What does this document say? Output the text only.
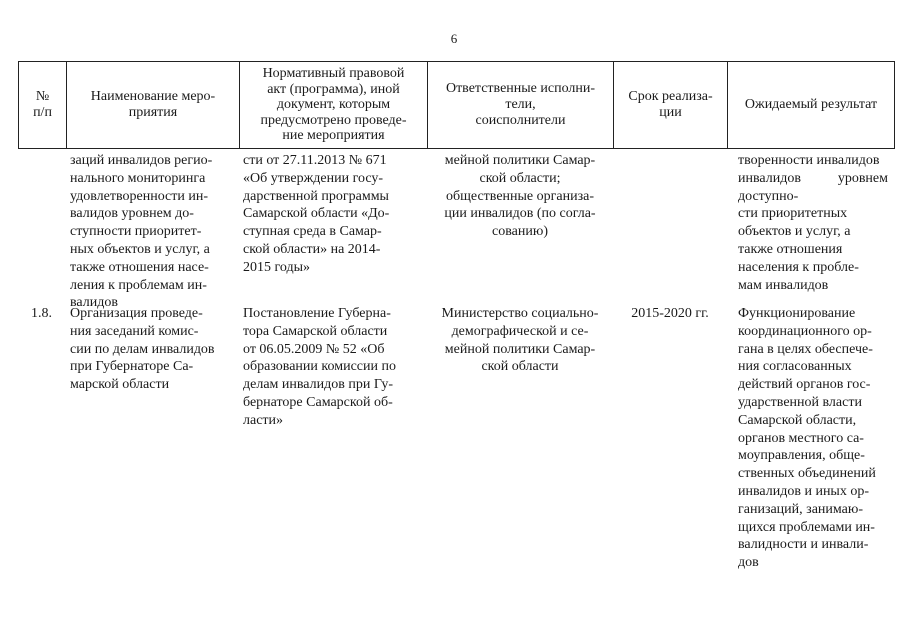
6
№
п/п
Наименование меро-
приятия
Нормативный правовой
акт (программа), иной
документ, которым
предусмотрено проведе-
ние мероприятия
Ответственные исполни-
тели,
соисполнители
Срок реализа-
ции
Ожидаемый результат
заций инвалидов регио-
нального мониторинга
удовлетворенности ин-
валидов уровнем до-
ступности приоритет-
ных объектов и услуг, а
также отношения насе-
ления к проблемам ин-
валидов
сти от 27.11.2013 № 671
«Об утверждении госу-
дарственной программы
Самарской области «До-
ступная среда в Самар-
ской области» на 2014-
2015 годы»
мейной политики Самар-
ской области;
общественные организа-
ции инвалидов (по согла-
сованию)
творенности инвалидов
инвалидов уровнем доступно-
сти приоритетных
объектов и услуг, а
также отношения
населения к пробле-
мам инвалидов
1.8. Организация проведе-
ния заседаний комис-
сии по делам инвалидов
при Губернаторе Са-
марской области
Постановление Губерна-
тора Самарской области
от 06.05.2009 № 52 «Об
образовании комиссии по
делам инвалидов при Гу-
бернаторе Самарской об-
ласти»
Министерство социально-
демографической и се-
мейной политики Самар-
ской области
2015-2020 гг.	Функционирование
координационного ор-
гана в целях обеспече-
ния согласованных
действий органов гос-
ударственной власти
Самарской области,
органов местного са-
моуправления, обще-
ственных объединений
инвалидов и иных ор-
ганизаций, занимаю-
щихся проблемами ин-
валидности и инвали-
дов
